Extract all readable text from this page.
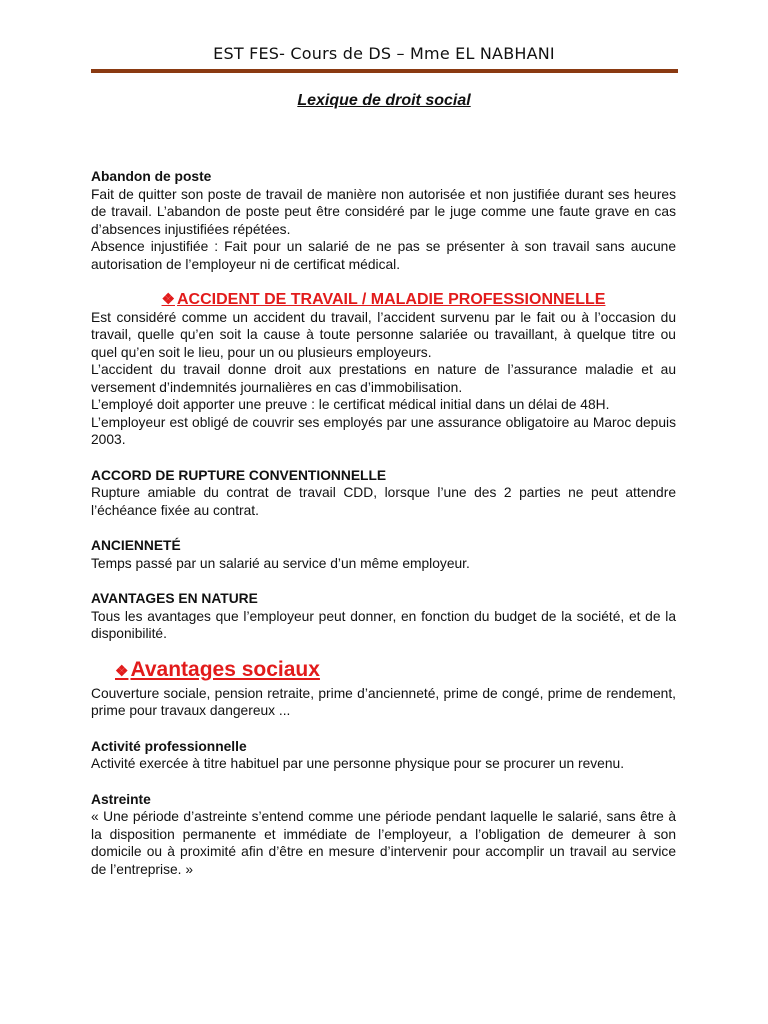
EST FES- Cours de DS – Mme EL NABHANI
Lexique de droit social
Abandon de poste

Fait de quitter son poste de travail de manière non autorisée et non justifiée durant ses heures de travail. L’abandon de poste peut être considéré par le juge comme une faute grave en cas d’absences injustifiées répétées.

Absence injustifiée : Fait pour un salarié de ne pas se présenter à son travail sans aucune autorisation de l’employeur ni de certificat médical.

❖ ACCIDENT DE TRAVAIL / MALADIE PROFESSIONNELLE

Est considéré comme un accident du travail, l’accident survenu par le fait ou à l’occasion du travail, quelle qu’en soit la cause à toute personne salariée ou travaillant, à quelque titre ou quel qu’en soit le lieu, pour un ou plusieurs employeurs.

L’accident du travail donne droit aux prestations en nature de l’assurance maladie et au versement d’indemnités journalières en cas d’immobilisation.

L’employé doit apporter une preuve : le certificat médical initial dans un délai de 48H.

L’employeur est obligé de couvrir ses employés par une assurance obligatoire au Maroc depuis 2003.

ACCORD DE RUPTURE CONVENTIONNELLE

Rupture amiable du contrat de travail CDD, lorsque l’une des 2 parties ne peut attendre l’échéance fixée au contrat.

ANCIENNETÉ

Temps passé par un salarié au service d’un même employeur.

AVANTAGES EN NATURE

Tous les avantages que l’employeur peut donner, en fonction du budget de la société, et de la disponibilité.

❖Avantages sociaux

Couverture sociale, pension retraite, prime d’ancienneté, prime de congé, prime de rendement, prime pour travaux dangereux ...

Activité professionnelle

Activité exercée à titre habituel par une personne physique pour se procurer un revenu.

Astreinte

« Une période d’astreinte s’entend comme une période pendant laquelle le salarié, sans être à la disposition permanente et immédiate de l’employeur, a l’obligation de demeurer à son domicile ou à proximité afin d’être en mesure d’intervenir pour accomplir un travail au service de l’entreprise. »
